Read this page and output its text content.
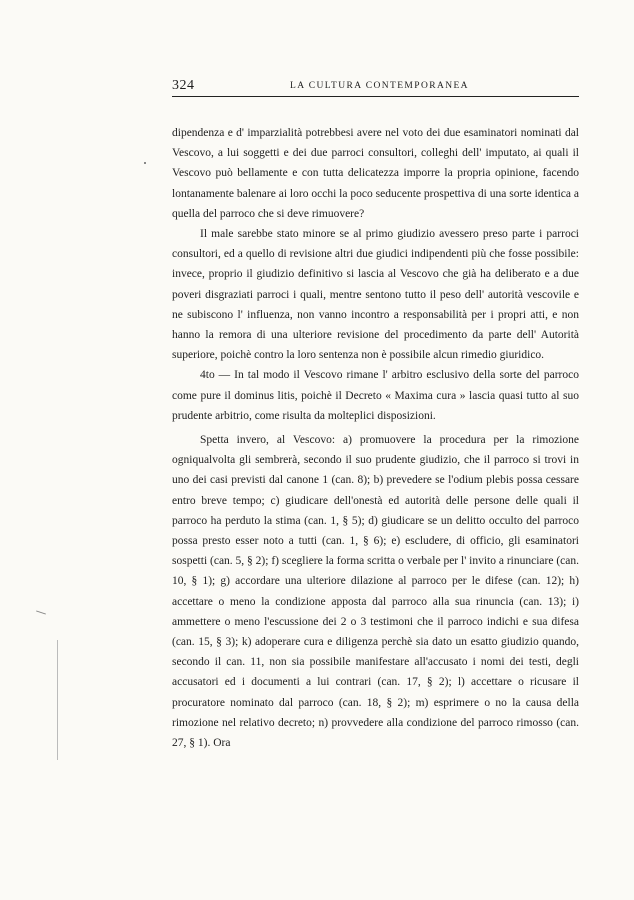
324	LA CULTURA CONTEMPORANEA

dipendenza e d' imparzialità potrebbesi avere nel voto dei due esaminatori nominati dal Vescovo, a lui soggetti e dei due parroci consultori, colleghi dell' imputato, ai quali il Vescovo può bellamente e con tutta delicatezza imporre la propria opinione, facendo lontanamente balenare ai loro occhi la poco seducente prospettiva di una sorte identica a quella del parroco che si deve rimuovere?

Il male sarebbe stato minore se al primo giudizio avessero preso parte i parroci consultori, ed a quello di revisione altri due giudici indipendenti più che fosse possibile: invece, proprio il giudizio definitivo si lascia al Vescovo che già ha deliberato e a due poveri disgraziati parroci i quali, mentre sentono tutto il peso dell' autorità vescovile e ne subiscono l' influenza, non vanno incontro a responsabilità per i propri atti, e non hanno la remora di una ulteriore revisione del procedimento da parte dell' Autorità superiore, poichè contro la loro sentenza non è possibile alcun rimedio giuridico.

4to — In tal modo il Vescovo rimane l' arbitro esclusivo della sorte del parroco come pure il dominus litis, poichè il Decreto « Maxima cura » lascia quasi tutto al suo prudente arbitrio, come risulta da molteplici disposizioni.

Spetta invero, al Vescovo: a) promuovere la procedura per la rimozione ogniqualvolta gli sembrerà, secondo il suo prudente giudizio, che il parroco si trovi in uno dei casi previsti dal canone 1 (can. 8); b) prevedere se l'odium plebis possa cessare entro breve tempo; c) giudicare dell'onestà ed autorità delle persone delle quali il parroco ha perduto la stima (can. 1, § 5); d) giudicare se un delitto occulto del parroco possa presto esser noto a tutti (can. 1, § 6); e) escludere, di officio, gli esaminatori sospetti (can. 5, § 2); f) scegliere la forma scritta o verbale per l' invito a rinunciare (can. 10, § 1); g) accordare una ulteriore dilazione al parroco per le difese (can. 12); h) accettare o meno la condizione apposta dal parroco alla sua rinuncia (can. 13); i) ammettere o meno l'escussione dei 2 o 3 testimoni che il parroco indichi e sua difesa (can. 15, § 3); k) adoperare cura e diligenza perchè sia dato un esatto giudizio quando, secondo il can. 11, non sia possibile manifestare all'accusato i nomi dei testi, degli accusatori ed i documenti a lui contrari (can. 17, § 2); l) accettare o ricusare il procuratore nominato dal parroco (can. 18, § 2); m) esprimere o no la causa della rimozione nel relativo decreto; n) provvedere alla condizione del parroco rimosso (can. 27, § 1). Ora
